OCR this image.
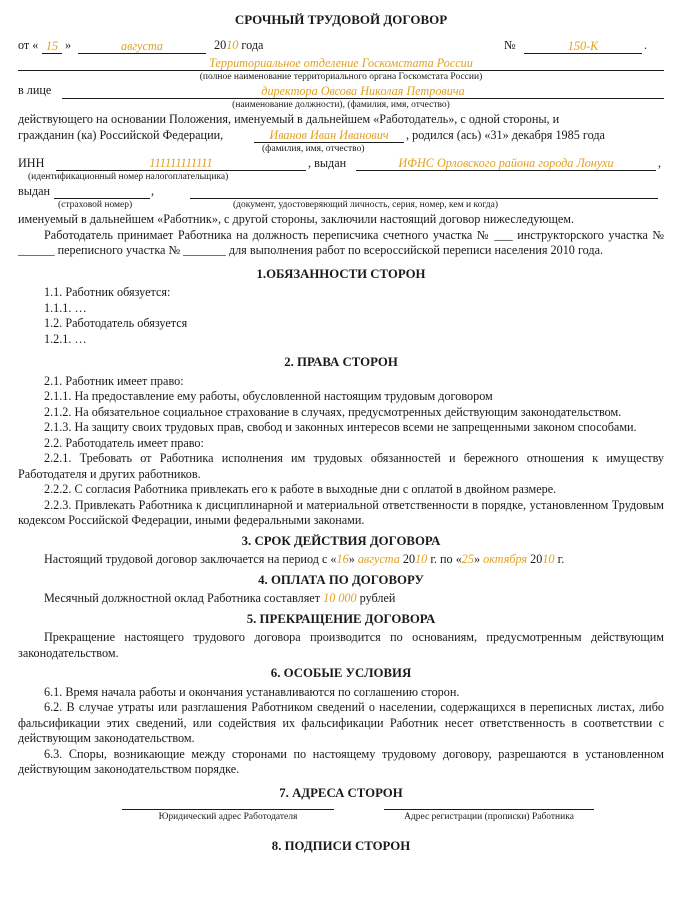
СРОЧНЫЙ ТРУДОВОЙ ДОГОВОР
от « 15 »	августа	2010 года	№	150-К	.
Территориальное отделение Госкомстата России
(полное наименование территориального органа Госкомстата России)
в лице	директора Овсова Николая Петровича
(наименование должности), (фамилия, имя, отчество)

действующего на основании Положения, именуемый в дальнейшем «Работодатель», с одной стороны, и

гражданин (ка) Российской Федерации,	Иванов Иван Иванович	, родился (ась) «31» декабря 1985 года
(фамилия, имя, отчество)
ИНН	111111111111	, выдан	ИФНС Орловского района города Лонухи	,
(идентификационный номер налогоплательщика)
выдан	,
(страховой номер)	(документ, удостоверяющий личность, серия, номер, кем и когда)

именуемый в дальнейшем «Работник», с другой стороны, заключили настоящий договор нижеследующем.

Работодатель принимает Работника на должность переписчика счетного участка № ___ инструкторского участка № ______ переписного участка № _______ для выполнения работ по всероссийской переписи населения 2010 года.

1.ОБЯЗАННОСТИ СТОРОН
1.1. Работник обязуется:
1.1.1. …
1.2. Работодатель обязуется
1.2.1. …
2. ПРАВА СТОРОН

2.1. Работник имеет право:

2.1.1. На предоставление ему работы, обусловленной настоящим трудовым договором

2.1.2. На обязательное социальное страхование в случаях, предусмотренных действующим законодательством.

2.1.3. На защиту своих трудовых прав, свобод и законных интересов всеми не запрещенными законом способами.

2.2. Работодатель имеет право:

2.2.1. Требовать от Работника исполнения им трудовых обязанностей и бережного отношения к имуществу Работодателя и других работников.

2.2.2. С согласия Работника привлекать его к работе в выходные дни с оплатой в двойном размере.

2.2.3. Привлекать Работника к дисциплинарной и материальной ответственности в порядке, установленном Трудовым кодексом Российской Федерации, иными федеральными законами.

3. СРОК ДЕЙСТВИЯ ДОГОВОРА

Настоящий трудовой договор заключается на период с «16» августа 2010 г. по «25» октября 2010 г.

4. ОПЛАТА ПО ДОГОВОРУ

Месячный должностной оклад Работника составляет 10 000 рублей

5. ПРЕКРАЩЕНИЕ ДОГОВОРА

Прекращение настоящего трудового договора производится по основаниям, предусмотренным действующим законодательством.

6. ОСОБЫЕ УСЛОВИЯ

6.1. Время начала работы и окончания устанавливаются по соглашению сторон.

6.2. В случае утраты или разглашения Работником сведений о населении, содержащихся в переписных листах, либо фальсификации этих сведений, или содействия их фальсификации Работник несет ответственность в соответствии с действующим законодательством.

6.3. Споры, возникающие между сторонами по настоящему трудовому договору, разрешаются в установленном действующим законодательством порядке.

7. АДРЕСА СТОРОН
Юридический адрес Работодателя	Адрес регистрации (прописки) Работника
8. ПОДПИСИ СТОРОН
